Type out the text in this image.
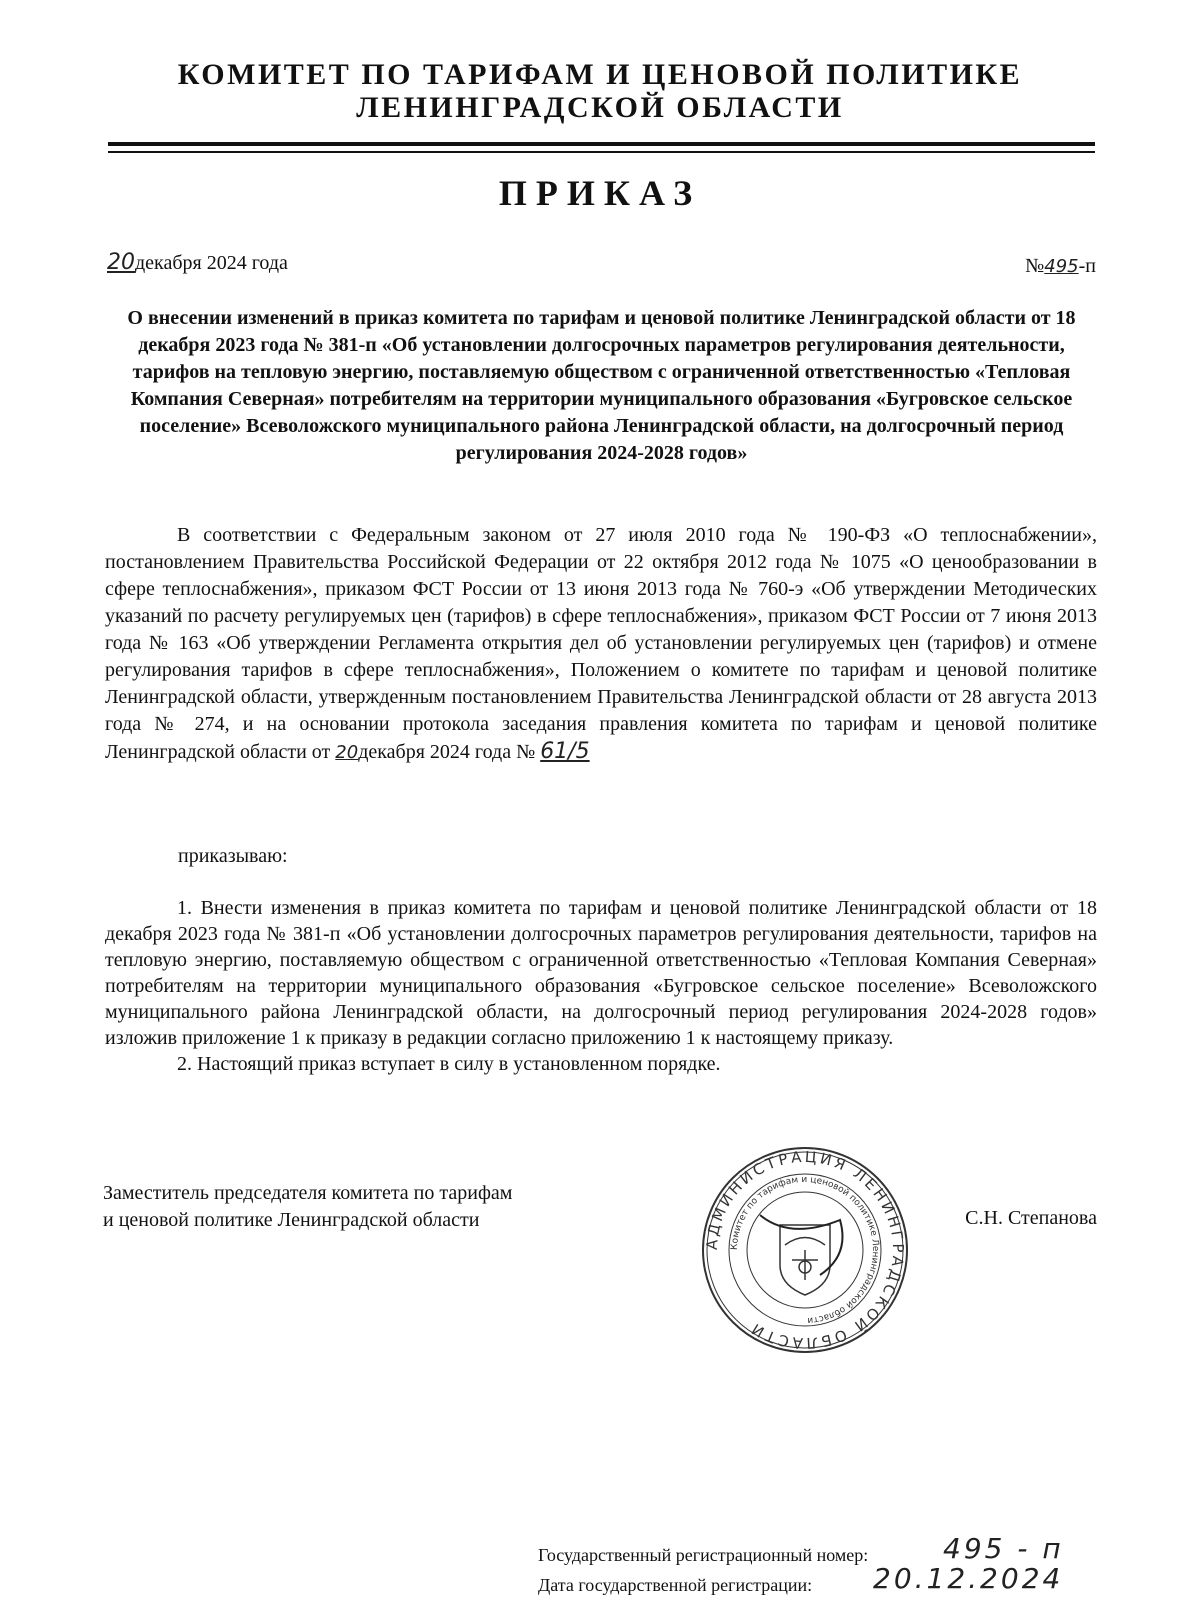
КОМИТЕТ ПО ТАРИФАМ И ЦЕНОВОЙ ПОЛИТИКЕ
ЛЕНИНГРАДСКОЙ ОБЛАСТИ
ПРИКАЗ
20декабря 2024 года	№495-п
О внесении изменений в приказ комитета по тарифам и ценовой политике Ленинградской области от 18 декабря 2023 года № 381-п «Об установлении долгосрочных параметров регулирования деятельности, тарифов на тепловую энергию, поставляемую обществом с ограниченной ответственностью «Тепловая Компания Северная» потребителям на территории муниципального образования «Бугровское сельское поселение» Всеволожского муниципального района Ленинградской области, на долгосрочный период регулирования 2024-2028 годов»
В соответствии с Федеральным законом от 27 июля 2010 года № 190-ФЗ «О теплоснабжении», постановлением Правительства Российской Федерации от 22 октября 2012 года № 1075 «О ценообразовании в сфере теплоснабжения», приказом ФСТ России от 13 июня 2013 года № 760-э «Об утверждении Методических указаний по расчету регулируемых цен (тарифов) в сфере теплоснабжения», приказом ФСТ России от 7 июня 2013 года № 163 «Об утверждении Регламента открытия дел об установлении регулируемых цен (тарифов) и отмене регулирования тарифов в сфере теплоснабжения», Положением о комитете по тарифам и ценовой политике Ленинградской области, утвержденным постановлением Правительства Ленинградской области от 28 августа 2013 года № 274, и на основании протокола заседания правления комитета по тарифам и ценовой политике Ленинградской области от 20декабря 2024 года № 61/5
приказываю:

1. Внести изменения в приказ комитета по тарифам и ценовой политике Ленинградской области от 18 декабря 2023 года № 381-п «Об установлении долгосрочных параметров регулирования деятельности, тарифов на тепловую энергию, поставляемую обществом с ограниченной ответственностью «Тепловая Компания Северная» потребителям на территории муниципального образования «Бугровское сельское поселение» Всеволожского муниципального района Ленинградской области, на долгосрочный период регулирования 2024-2028 годов» изложив приложение 1 к приказу в редакции согласно приложению 1 к настоящему приказу.

2. Настоящий приказ вступает в силу в установленном порядке.

Заместитель председателя комитета по тарифам
и ценовой политике Ленинградской области
АДМИНИСТРАЦИЯ ЛЕНИНГРАДСКОЙ ОБЛАСТИ
Комитет по тарифам и ценовой политике Ленинградской области
С.Н. Степанова
Государственный регистрационный номер:	495 - п
Дата государственной регистрации: 20.12.2024
